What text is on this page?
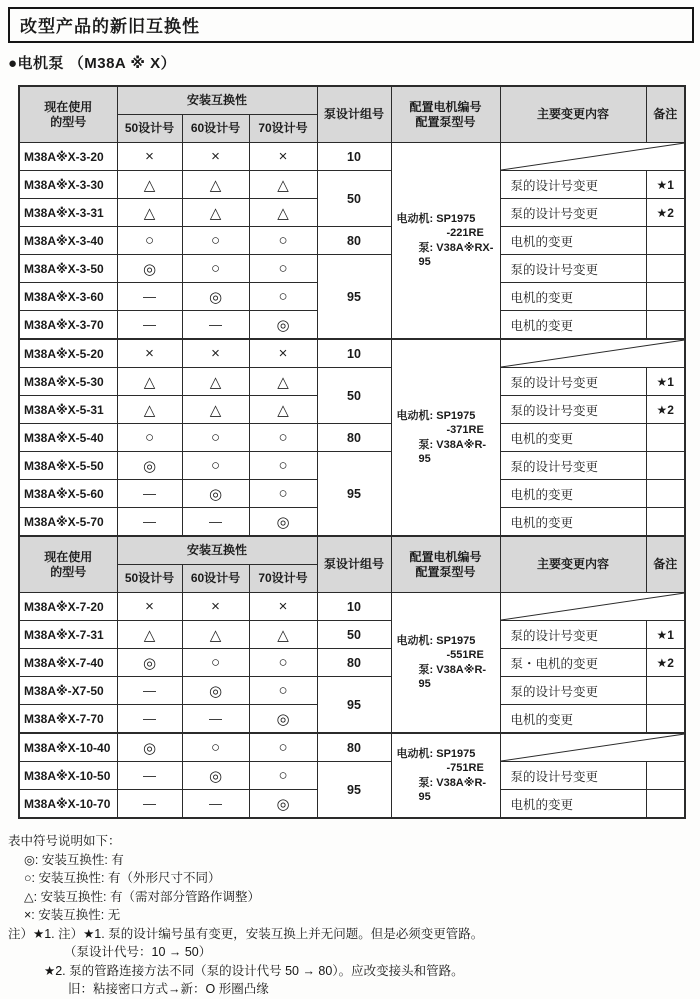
改型产品的新旧互换性
●电机泵 （M38A ※ X）
现在使用
的型号
	安装互换性	泵设计组号	
配置电机编号
配置泵型号
	主要变更内容	备注
	50设计号	60设计号	70设计号				
M38A※X-3-20	×	×	×	10	电动机: SP1975
-221RE
泵: V38A※RX-95

M38A※X-3-30	△	△	△	50		泵的设计号变更	★1
M38A※X-3-31	△	△	△			泵的设计号变更	★2
M38A※X-3-40	○	○	○	80		电机的变更	
M38A※X-3-50	◎	○	○	95		泵的设计号变更	
M38A※X-3-60	—	◎	○			电机的变更	
M38A※X-3-70	—	—	◎			电机的变更	
M38A※X-5-20	×	×	×	10	电动机: SP1975
-371RE
泵: V38A※R-95

M38A※X-5-30	△	△	△	50		泵的设计号变更	★1
M38A※X-5-31	△	△	△			泵的设计号变更	★2
M38A※X-5-40	○	○	○	80		电机的变更	
M38A※X-5-50	◎	○	○	95		泵的设计号变更	
M38A※X-5-60	—	◎	○			电机的变更	
M38A※X-5-70	—	—	◎			电机的变更	

现在使用
的型号
	安装互换性	泵设计组号	
配置电机编号
配置泵型号
	主要变更内容	备注
	50设计号	60设计号	70设计号				
M38A※X-7-20	×	×	×	10	电动机: SP1975
-551RE
泵: V38A※R-95

M38A※X-7-31	△	△	△	50		泵的设计号变更	★1
M38A※X-7-40	◎	○	○	80		泵・电机的变更	★2
M38A※-X7-50	—	◎	○	95		泵的设计号变更	
M38A※X-7-70	—	—	◎			电机的变更	
M38A※X-10-40	◎	○	○	80	电动机: SP1975
-751RE
泵: V38A※R-95

M38A※X-10-50	—	◎	○	95		泵的设计号变更	
M38A※X-10-70	—	—	◎			电机的变更	
表中符号说明如下：
◎: 安装互换性: 有
○: 安装互换性: 有（外形尺寸不同）
△: 安装互换性: 有（需对部分管路作调整）
×: 安装互换性: 无
注）★1. 注）★1. 泵的设计编号虽有变更，安装互换上并无问题。但是必须变更管路。
（泵设计代号：10 → 50）
★2. 泵的管路连接方法不同（泵的设计代号 50 → 80）。应改变接头和管路。
旧：粘接密口方式→新：O 形圈凸缘
